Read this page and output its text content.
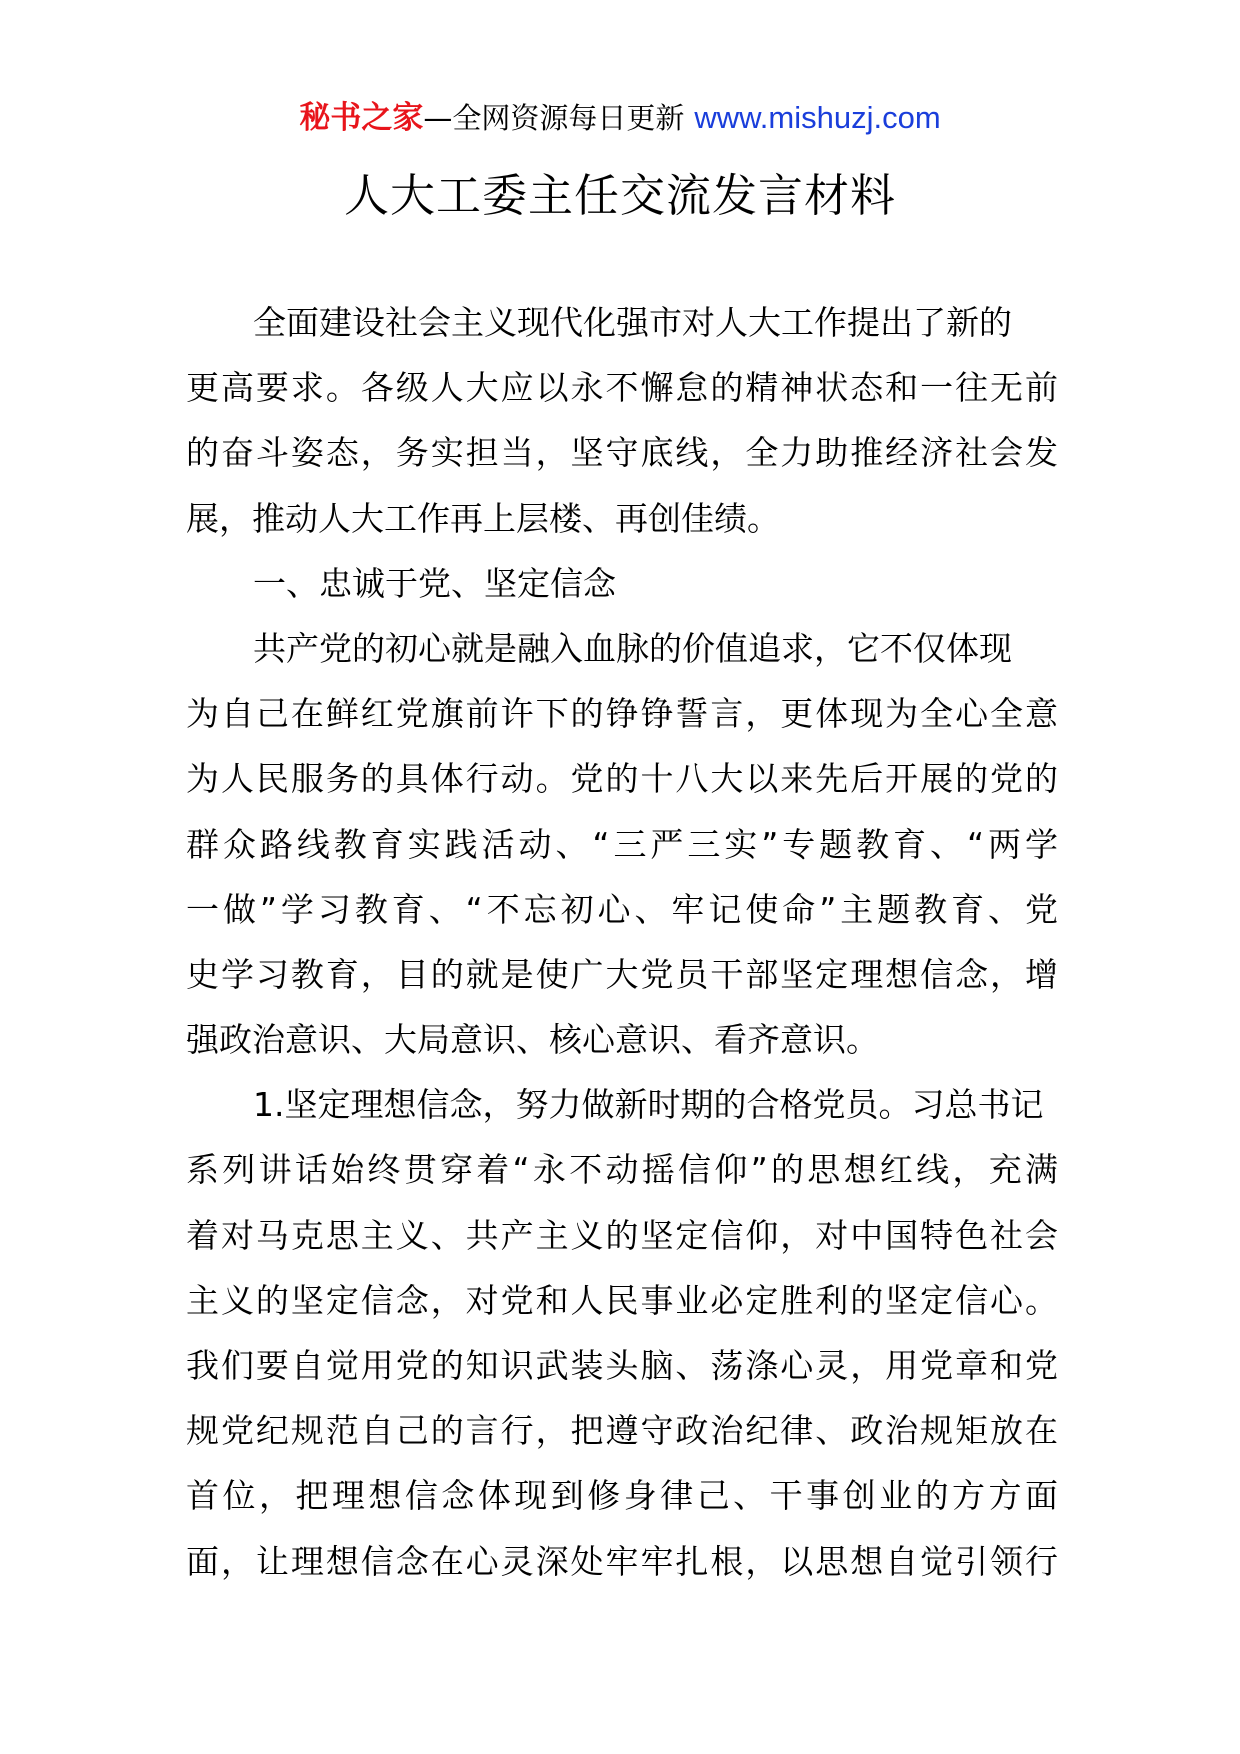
秘书之家—全网资源每日更新 www.mishuzj.com
人大工委主任交流发言材料
全面建设社会主义现代化强市对人大工作提出了新的
更高要求。各级人大应以永不懈怠的精神状态和一往无前
的奋斗姿态，务实担当，坚守底线，全力助推经济社会发
展，推动人大工作再上层楼、再创佳绩。
一、忠诚于党、坚定信念
共产党的初心就是融入血脉的价值追求，它不仅体现
为自己在鲜红党旗前许下的铮铮誓言，更体现为全心全意
为人民服务的具体行动。党的十八大以来先后开展的党的
群众路线教育实践活动、“三严三实”专题教育、“两学
一做”学习教育、“不忘初心、牢记使命”主题教育、党
史学习教育，目的就是使广大党员干部坚定理想信念，增
强政治意识、大局意识、核心意识、看齐意识。
1.坚定理想信念，努力做新时期的合格党员。习总书记
系列讲话始终贯穿着“永不动摇信仰”的思想红线，充满
着对马克思主义、共产主义的坚定信仰，对中国特色社会
主义的坚定信念，对党和人民事业必定胜利的坚定信心。
我们要自觉用党的知识武装头脑、荡涤心灵，用党章和党
规党纪规范自己的言行，把遵守政治纪律、政治规矩放在
首位，把理想信念体现到修身律己、干事创业的方方面
面，让理想信念在心灵深处牢牢扎根，以思想自觉引领行
